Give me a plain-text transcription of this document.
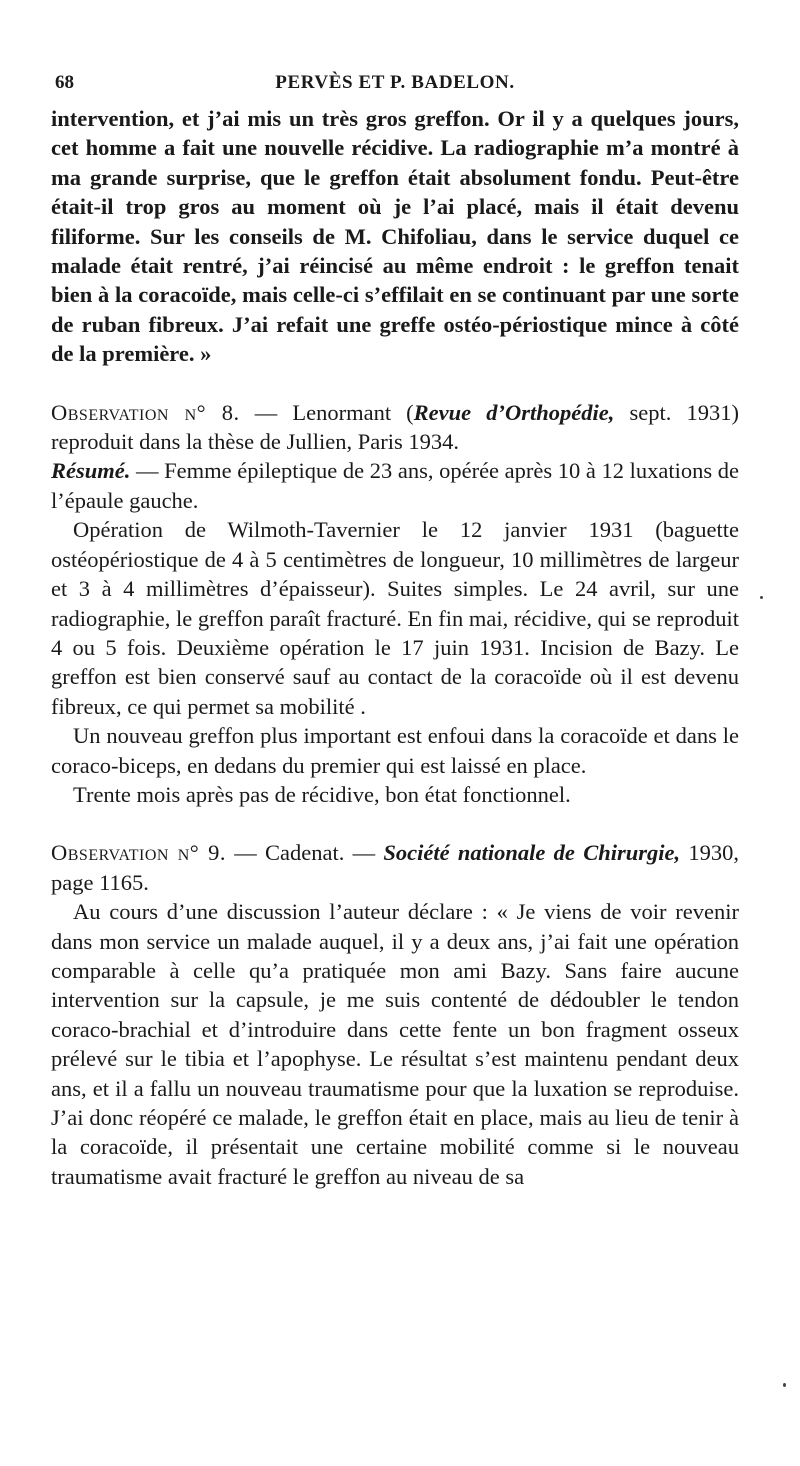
68	PERVÈS ET P. BADELON.

intervention, et j’ai mis un très gros greffon. Or il y a quelques jours, cet homme a fait une nouvelle récidive. La radiographie m’a montré à ma grande surprise, que le greffon était absolument fondu. Peut-être était-il trop gros au moment où je l’ai placé, mais il était devenu filiforme. Sur les conseils de M. Chifoliau, dans le service duquel ce malade était rentré, j’ai réincisé au même endroit : le greffon tenait bien à la coracoïde, mais celle-ci s’effilait en se continuant par une sorte de ruban fibreux. J’ai refait une greffe ostéo-périostique mince à côté de la première. »

Observation n° 8. — Lenormant (Revue d’Orthopédie, sept. 1931) reproduit dans la thèse de Jullien, Paris 1934.

Résumé. — Femme épileptique de 23 ans, opérée après 10 à 12 luxations de l’épaule gauche.

Opération de Wilmoth-Tavernier le 12 janvier 1931 (baguette ostéopériostique de 4 à 5 centimètres de longueur, 10 millimètres de largeur et 3 à 4 millimètres d’épaisseur). Suites simples. Le 24 avril, sur une radiographie, le greffon paraît fracturé. En fin mai, récidive, qui se reproduit 4 ou 5 fois. Deuxième opération le 17 juin 1931. Incision de Bazy. Le greffon est bien conservé sauf au contact de la coracoïde où il est devenu fibreux, ce qui permet sa mobilité .

Un nouveau greffon plus important est enfoui dans la coracoïde et dans le coraco-biceps, en dedans du premier qui est laissé en place.

Trente mois après pas de récidive, bon état fonctionnel.

Observation n° 9. — Cadenat. — Société nationale de Chirurgie, 1930, page 1165.

Au cours d’une discussion l’auteur déclare : « Je viens de voir revenir dans mon service un malade auquel, il y a deux ans, j’ai fait une opération comparable à celle qu’a pratiquée mon ami Bazy. Sans faire aucune intervention sur la capsule, je me suis contenté de dédoubler le tendon coraco-brachial et d’introduire dans cette fente un bon fragment osseux prélevé sur le tibia et l’apophyse. Le résultat s’est maintenu pendant deux ans, et il a fallu un nouveau traumatisme pour que la luxation se reproduise. J’ai donc réopéré ce malade, le greffon était en place, mais au lieu de tenir à la coracoïde, il présentait une certaine mobilité comme si le nouveau traumatisme avait fracturé le greffon au niveau de sa
